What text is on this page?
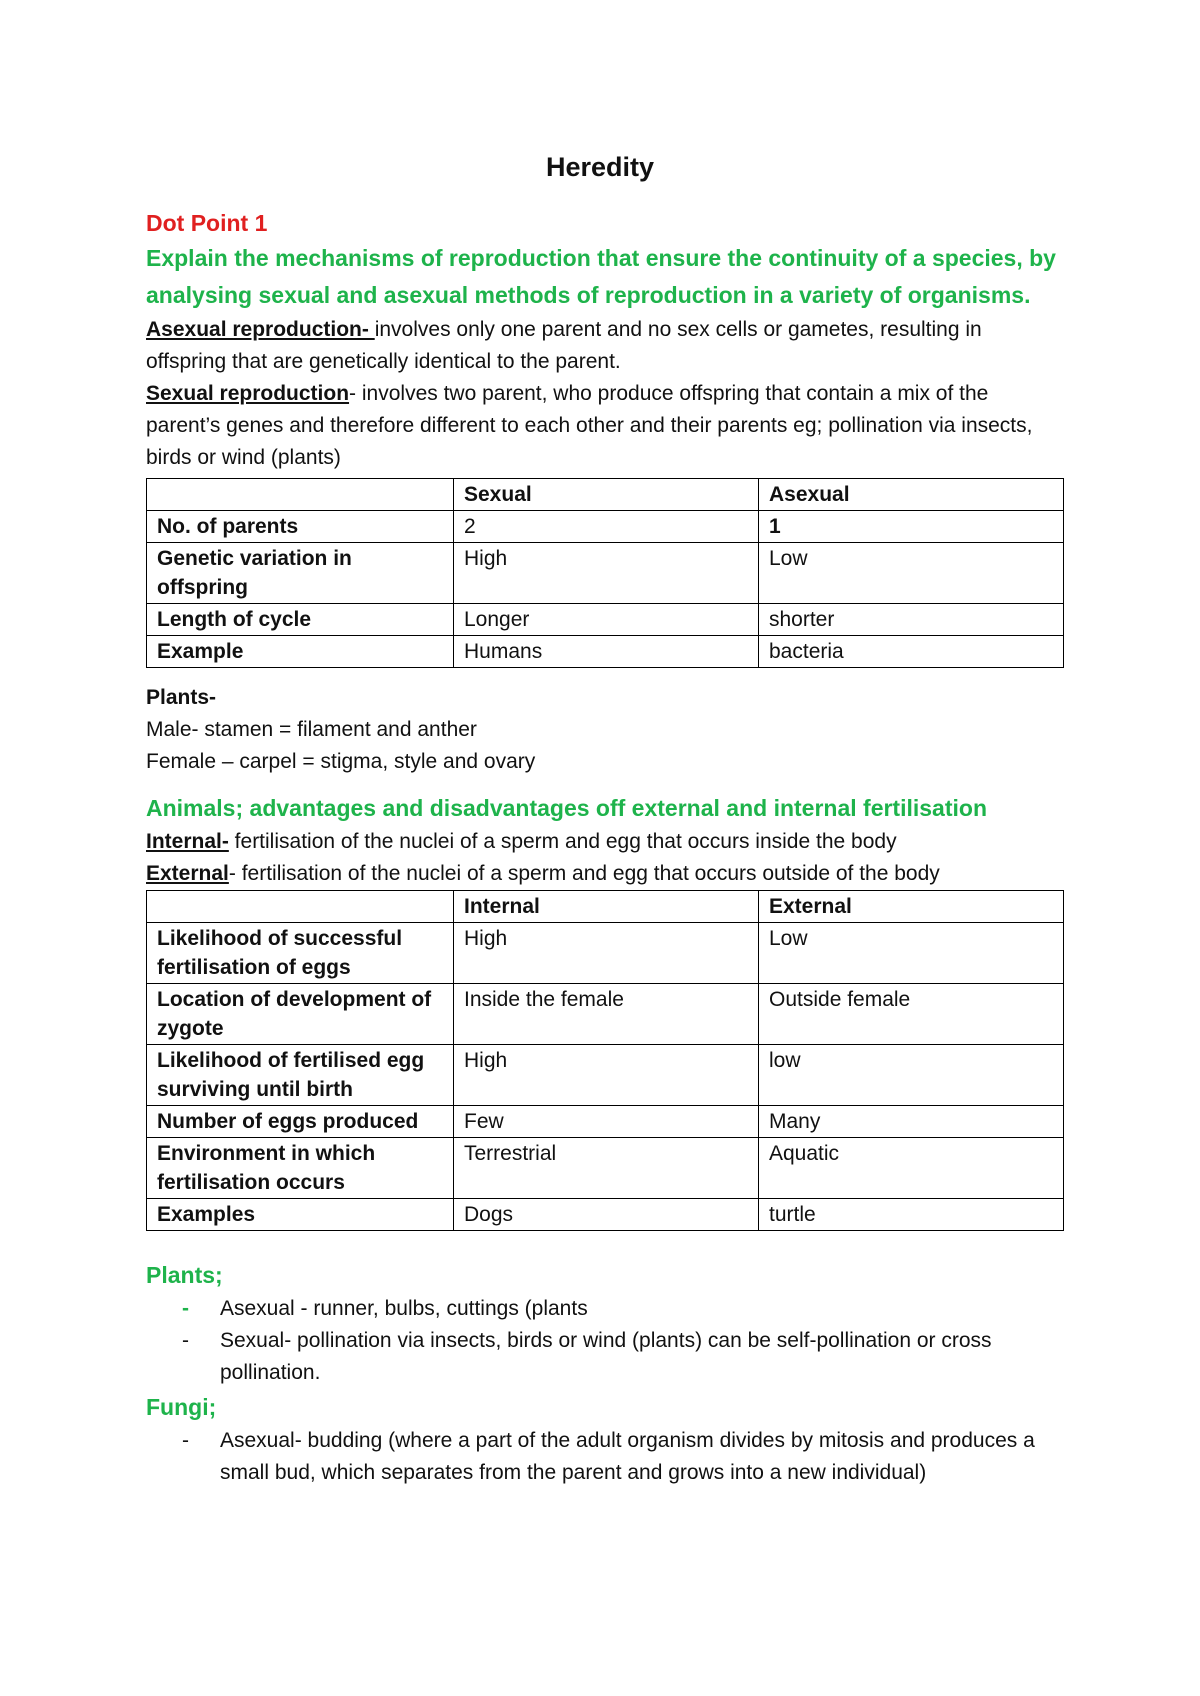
Heredity

Dot Point 1

Explain the mechanisms of reproduction that ensure the continuity of a species, by analysing sexual and asexual methods of reproduction in a variety of organisms.

Asexual reproduction- involves only one parent and no sex cells or gametes, resulting in offspring that are genetically identical to the parent.

Sexual reproduction- involves two parent, who produce offspring that contain a mix of the parent’s genes and therefore different to each other and their parents eg; pollination via insects, birds or wind (plants)

	Sexual	Asexual
No. of parents	2	1
Genetic variation in offspring	High	Low
Length of cycle	Longer	shorter
Example	Humans	bacteria

Plants-

Male- stamen = filament and anther

Female – carpel = stigma, style and ovary

Animals; advantages and disadvantages off external and internal fertilisation

Internal- fertilisation of the nuclei of a sperm and egg that occurs inside the body

External- fertilisation of the nuclei of a sperm and egg that occurs outside of the body

	Internal	External
Likelihood of successful fertilisation of eggs	High	Low
Location of development of zygote	Inside the female	Outside female
Likelihood of fertilised egg surviving until birth	High	low
Number of eggs produced	Few	Many
Environment in which fertilisation occurs	Terrestrial	Aquatic
Examples	Dogs	turtle

Plants;

- Asexual - runner, bulbs, cuttings (plants
- Sexual- pollination via insects, birds or wind (plants) can be self-pollination or cross pollination.

Fungi;

- Asexual- budding (where a part of the adult organism divides by mitosis and produces a small bud, which separates from the parent and grows into a new individual)
